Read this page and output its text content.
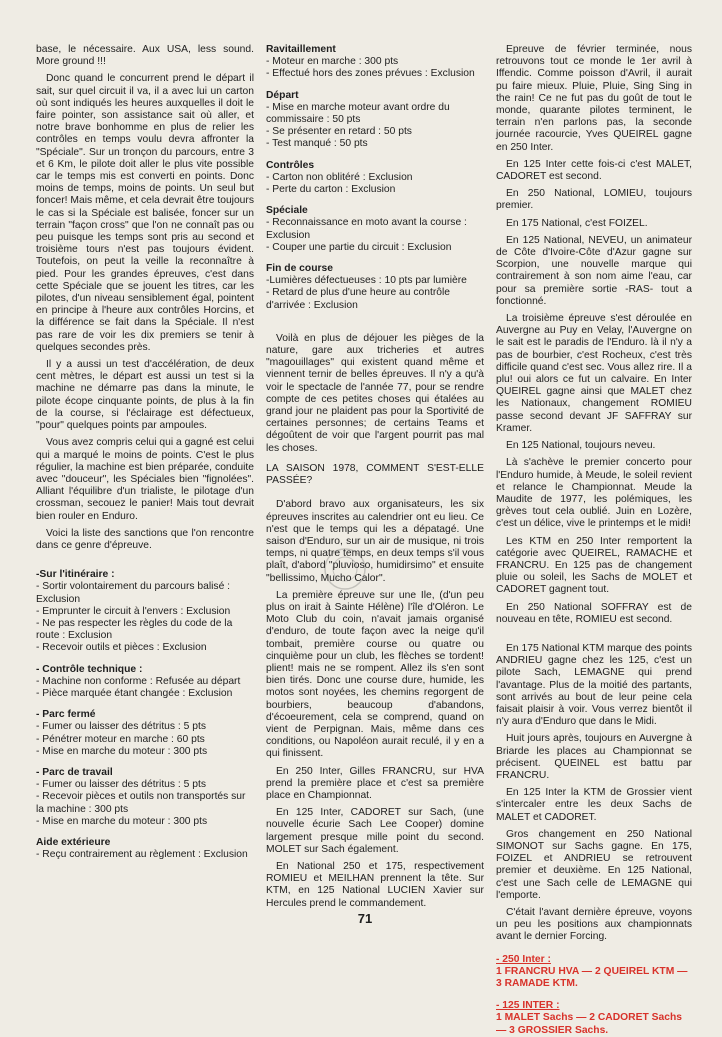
base, le nécessaire. Aux USA, less sound. More ground !!!

Donc quand le concurrent prend le départ il sait, sur quel circuit il va, il a avec lui un carton où sont indiqués les heures auxquelles il doit le faire pointer, son assistance sait où aller, et notre brave bonhomme en plus de relier les contrôles en temps voulu devra affronter la "Spéciale". Sur un tronçon du parcours, entre 3 et 6 Km, le pilote doit aller le plus vite possible car le temps mis est converti en points. Donc moins de temps, moins de points. Un seul but foncer! Mais même, et cela devrait être toujours le cas si la Spéciale est balisée, foncer sur un terrain "façon cross" que l'on ne connaît pas ou peu puisque les temps sont pris au second et troisième tours n'est pas toujours évident. Toutefois, on peut la veille la reconnaître à pied. Pour les grandes épreuves, c'est dans cette Spéciale que se jouent les titres, car les pilotes, d'un niveau sensiblement égal, pointent en principe à l'heure aux contrôles Horcins, et la différence se fait dans la Spéciale. Il n'est pas rare de voir les dix premiers se tenir à quelques secondes près.

Il y a aussi un test d'accélération, de deux cent mètres, le départ est aussi un test si la machine ne démarre pas dans la minute, le pilote écope cinquante points, de plus à la fin de la course, si l'éclairage est défectueux, "pour" quelques points par ampoules.

Vous avez compris celui qui a gagné est celui qui a marqué le moins de points. C'est le plus régulier, la machine est bien préparée, conduite avec "douceur", les Spéciales bien "fignolées". Alliant l'équilibre d'un trialiste, le pilotage d'un crossman, secouez le panier! Mais tout devrait bien rouler en Enduro.

Voici la liste des sanctions que l'on rencontre dans ce genre d'épreuve.

-Sur l'itinéraire :

- Sortir volontairement du parcours balisé : Exclusion

- Emprunter le circuit à l'envers : Exclusion

- Ne pas respecter les règles du code de la route : Exclusion

- Recevoir outils et pièces : Exclusion

- Contrôle technique :

- Machine non conforme : Refusée au départ

- Pièce marquée étant changée : Exclusion

- Parc fermé

- Fumer ou laisser des détritus : 5 pts

- Pénétrer moteur en marche : 60 pts

- Mise en marche du moteur : 300 pts

- Parc de travail

- Fumer ou laisser des détritus : 5 pts

- Recevoir pièces et outils non transportés sur la machine : 300 pts

- Mise en marche du moteur : 300 pts

Aide extérieure

- Reçu contrairement au règlement : Exclusion

Ravitaillement

- Moteur en marche : 300 pts

- Effectué hors des zones prévues : Exclusion

Départ

- Mise en marche moteur avant ordre du commissaire : 50 pts

- Se présenter en retard : 50 pts

- Test manqué : 50 pts

Contrôles

- Carton non oblitéré : Exclusion

- Perte du carton : Exclusion

Spéciale

- Reconnaissance en moto avant la course : Exclusion

- Couper une partie du circuit : Exclusion

Fin de course

-Lumières défectueuses : 10 pts par lumière

- Retard de plus d'une heure au contrôle d'arrivée : Exclusion

Voilà en plus de déjouer les pièges de la nature, gare aux tricheries et autres "magouillages" qui existent quand même et viennent ternir de belles épreuves. Il n'y a qu'à voir le spectacle de l'année 77, pour se rendre compte de ces petites choses qui étalées au grand jour ne plaident pas pour la Sportivité de certaines personnes; de certains Teams et dégoûtent de voir que l'argent pourrit pas mal les choses.

LA SAISON 1978, COMMENT S'EST-ELLE PASSÉE?

D'abord bravo aux organisateurs, les six épreuves inscrites au calendrier ont eu lieu. Ce n'est que le temps qui les a dépatagé. Une saison d'Enduro, sur un air de musique, ni trois temps, ni quatre temps, en deux temps s'il vous plaît, d'abord "pluvioso, humidirsimo" et ensuite "bellissimo, Mucho Calor".

La première épreuve sur une Ile, (d'un peu plus on irait à Sainte Hélène) l'île d'Oléron. Le Moto Club du coin, n'avait jamais organisé d'enduro, de toute façon avec la neige qu'il tombait, première course ou quatre ou cinquième pour un club, les flèches se tordent! plient! mais ne se rompent. Allez ils s'en sont bien tirés. Donc une course dure, humide, les motos sont noyées, les chemins regorgent de bourbiers, beaucoup d'abandons, d'écoeurement, cela se comprend, quand on vient de Perpignan. Mais, même dans ces conditions, ou Napoléon aurait reculé, il y en a qui finissent.

En 250 Inter, Gilles FRANCRU, sur HVA prend la première place et c'est sa première place en Championnat.

En 125 Inter, CADORET sur Sach, (une nouvelle écurie Sach Lee Cooper) domine largement presque mille point du second. MOLET sur Sach également.

En National 250 et 175, respectivement ROMIEU et MEILHAN prennent la tête. Sur KTM, en 125 National LUCIEN Xavier sur Hercules prend le commandement.

Epreuve de février terminée, nous retrouvons tout ce monde le 1er avril à Iffendic. Comme poisson d'Avril, il aurait pu faire mieux. Pluie, Pluie, Sing Sing in the rain! Ce ne fut pas du goût de tout le monde, quarante pilotes terminent, le terrain n'en parlons pas, la seconde journée racourcie, Yves QUEIREL gagne en 250 Inter.

En 125 Inter cette fois-ci c'est MALET, CADORET est second.

En 250 National, LOMIEU, toujours premier.

En 175 National, c'est FOIZEL.

En 125 National, NEVEU, un animateur de Côte d'Ivoire-Côte d'Azur gagne sur Scorpion, une nouvelle marque qui contrairement à son nom aime l'eau, car pour sa première sortie -RAS- tout a fonctionné.

La troisième épreuve s'est déroulée en Auvergne au Puy en Velay, l'Auvergne on le sait est le paradis de l'Enduro. là il n'y a pas de bourbier, c'est Rocheux, c'est très difficile quand c'est sec. Vous allez rire. Il a plu! oui alors ce fut un calvaire. En Inter QUEIREL gagne ainsi que MALET chez les Nationaux, changement ROMIEU passe second devant JF SAFFRAY sur Kramer.

En 125 National, toujours neveu.

Là s'achève le premier concerto pour l'Enduro humide, à Meude, le soleil revient et relance le Championnat. Meude la Maudite de 1977, les polémiques, les grèves tout cela oublié. Juin en Lozère, c'est un délice, vive le printemps et le midi!

Les KTM en 250 Inter remportent la catégorie avec QUEIREL, RAMACHE et FRANCRU. En 125 pas de changement pluie ou soleil, les Sachs de MOLET et CADORET gagnent tout.

En 250 National SOFFRAY est de nouveau en tête, ROMIEU est second.

En 175 National KTM marque des points ANDRIEU gagne chez les 125, c'est un pilote Sach, LEMAGNE qui prend l'avantage. Plus de la moitié des partants, sont arrivés au bout de leur peine cela faisait plaisir à voir. Vous verrez bientôt il n'y aura d'Enduro que dans le Midi.

Huit jours après, toujours en Auvergne à Briarde les places au Championnat se précisent. QUEINEL est battu par FRANCRU.

En 125 Inter la KTM de Grossier vient s'intercaler entre les deux Sachs de MALET et CADORET.

Gros changement en 250 National SIMONOT sur Sachs gagne. En 175, FOIZEL et ANDRIEU se retrouvent premier et deuxième. En 125 National, c'est une Sach celle de LEMAGNE qui l'emporte.

C'était l'avant dernière épreuve, voyons un peu les positions aux championnats avant le dernier Forcing.

- 250 Inter :

1 FRANCRU HVA — 2 QUEIREL KTM — 3 RAMADE KTM.

- 125 INTER :

1 MALET Sachs — 2 CADORET Sachs — 3 GROSSIER Sachs.

71
